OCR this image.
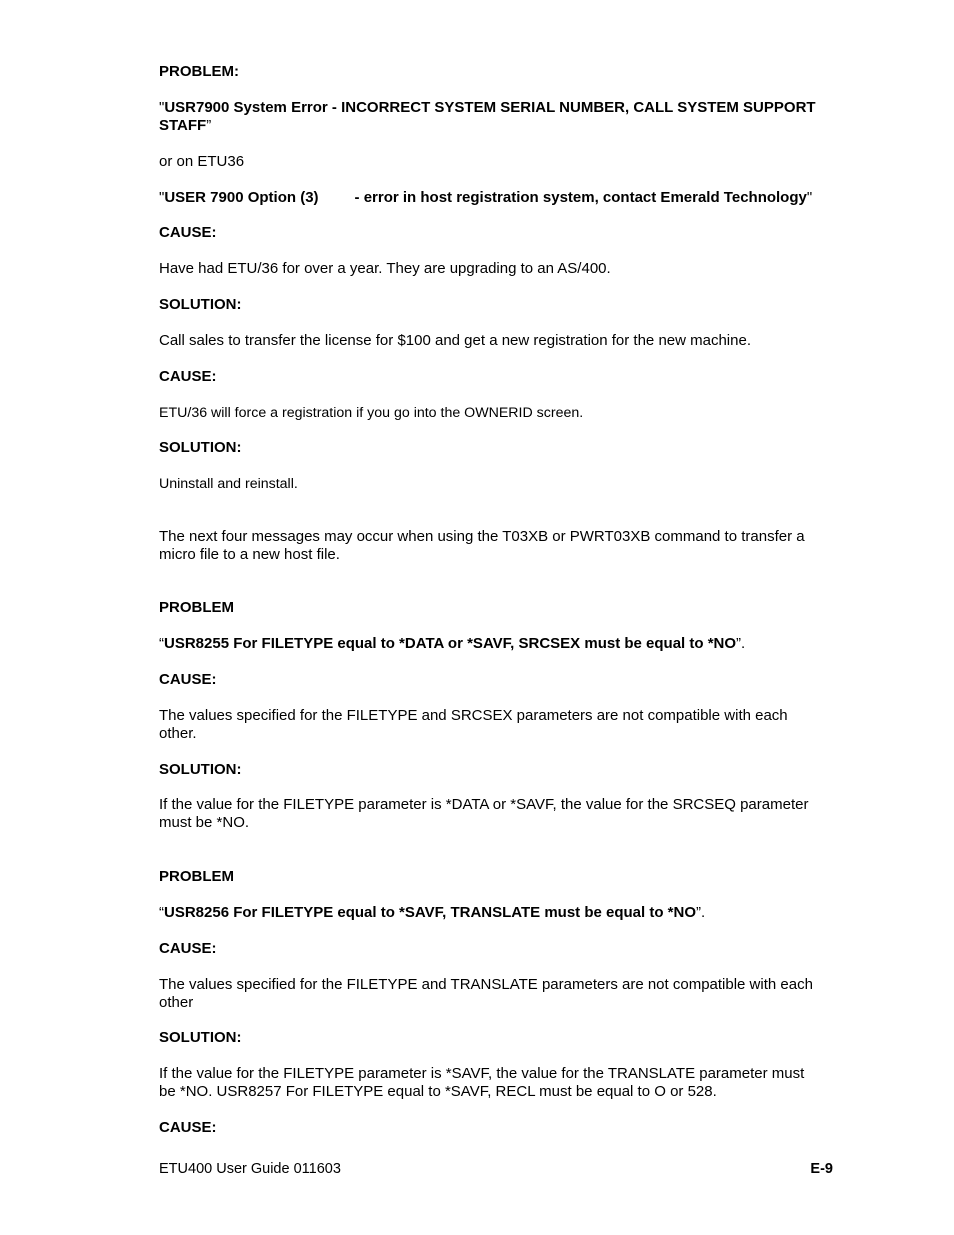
PROBLEM:
"USR7900 System Error - INCORRECT SYSTEM SERIAL NUMBER, CALL SYSTEM SUPPORT
STAFF”
or on ETU36
"USER 7900 Option (3) - error in host registration system, contact Emerald Technology"
CAUSE:
Have had ETU/36 for over a year. They are upgrading to an AS/400.
SOLUTION:
Call sales to transfer the license for $100 and get a new registration for the new machine.
CAUSE:
ETU/36 will force a registration if you go into the OWNERID screen.
SOLUTION:
Uninstall and reinstall.
The next four messages may occur when using the T03XB or PWRT03XB command to transfer a
micro file to a new host file.
PROBLEM
“USR8255 For FILETYPE equal to *DATA or *SAVF, SRCSEX must be equal to *NO”.
CAUSE:
The values specified for the FILETYPE and SRCSEX parameters are not compatible with each
other.
SOLUTION:
If the value for the FILETYPE parameter is *DATA or *SAVF, the value for the SRCSEQ parameter
must be *NO.
PROBLEM
“USR8256 For FILETYPE equal to *SAVF, TRANSLATE must be equal to *NO”.
CAUSE:
The values specified for the FILETYPE and TRANSLATE parameters are not compatible with each
other
SOLUTION:
If the value for the FILETYPE parameter is *SAVF, the value for the TRANSLATE parameter must
be *NO. USR8257 For FILETYPE equal to *SAVF, RECL must be equal to O or 528.
CAUSE:
ETU400 User Guide 011603	E-9
